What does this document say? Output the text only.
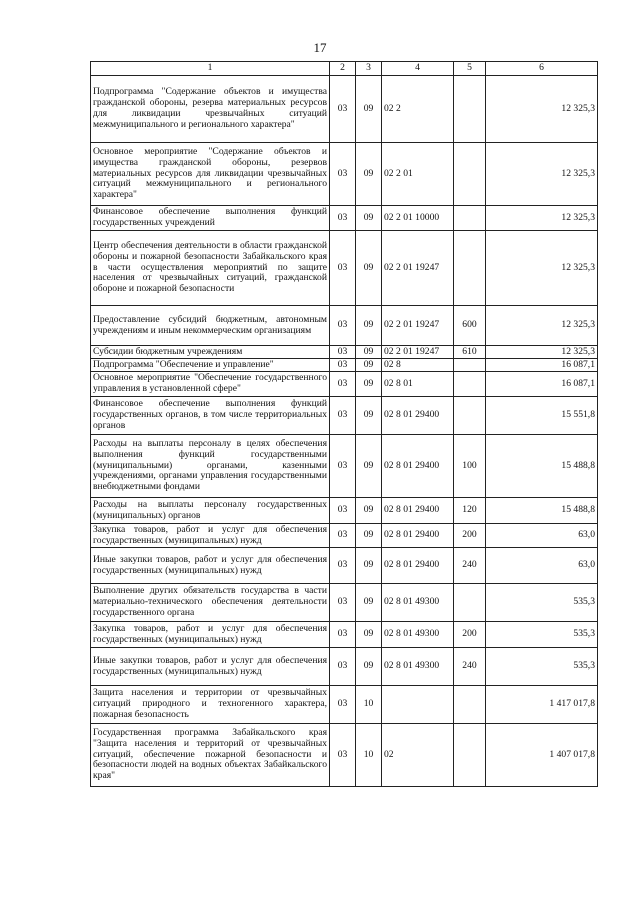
17
1	2	3	4	5	6
Подпрограмма "Содержание объектов и имущества гражданской обороны, резерва материальных ресурсов для ликвидации чрезвычайных ситуаций межмуниципального и регионального характера"	03	09	02 2		12 325,3
Основное мероприятие "Содержание объектов и имущества гражданской обороны, резервов материальных ресурсов для ликвидации чрезвычайных ситуаций межмуниципального и регионального характера"	03	09	02 2 01		12 325,3
Финансовое обеспечение выполнения функций государственных учреждений	03	09	02 2 01 10000		12 325,3
Центр обеспечения деятельности в области гражданской обороны и пожарной безопасности Забайкальского края в части осуществления мероприятий по защите населения от чрезвычайных ситуаций, гражданской обороне и пожарной безопасности	03	09	02 2 01 19247		12 325,3
Предоставление субсидий бюджетным, автономным учреждениям и иным некоммерческим организациям	03	09	02 2 01 19247	600	12 325,3
Субсидии бюджетным учреждениям	03	09	02 2 01 19247	610	12 325,3
Подпрограмма "Обеспечение и управление"	03	09	02 8		16 087,1
Основное мероприятие "Обеспечение государственного управления в установленной сфере"	03	09	02 8 01		16 087,1
Финансовое обеспечение выполнения функций государственных органов, в том числе территориальных органов	03	09	02 8 01 29400		15 551,8
Расходы на выплаты персоналу в целях обеспечения выполнения функций государственными (муниципальными) органами, казенными учреждениями, органами управления государственными внебюджетными фондами	03	09	02 8 01 29400	100	15 488,8
Расходы на выплаты персоналу государственных (муниципальных) органов	03	09	02 8 01 29400	120	15 488,8
Закупка товаров, работ и услуг для обеспечения государственных (муниципальных) нужд	03	09	02 8 01 29400	200	63,0
Иные закупки товаров, работ и услуг для обеспечения государственных (муниципальных) нужд	03	09	02 8 01 29400	240	63,0
Выполнение других обязательств государства в части материально-технического обеспечения деятельности государственного органа	03	09	02 8 01 49300		535,3
Закупка товаров, работ и услуг для обеспечения государственных (муниципальных) нужд	03	09	02 8 01 49300	200	535,3
Иные закупки товаров, работ и услуг для обеспечения государственных (муниципальных) нужд	03	09	02 8 01 49300	240	535,3
Защита населения и территории от чрезвычайных ситуаций природного и техногенного характера, пожарная безопасность	03	10			1 417 017,8
Государственная программа Забайкальского края "Защита населения и территорий от чрезвычайных ситуаций, обеспечение пожарной безопасности и безопасности людей на водных объектах Забайкальского края"	03	10	02		1 407 017,8
